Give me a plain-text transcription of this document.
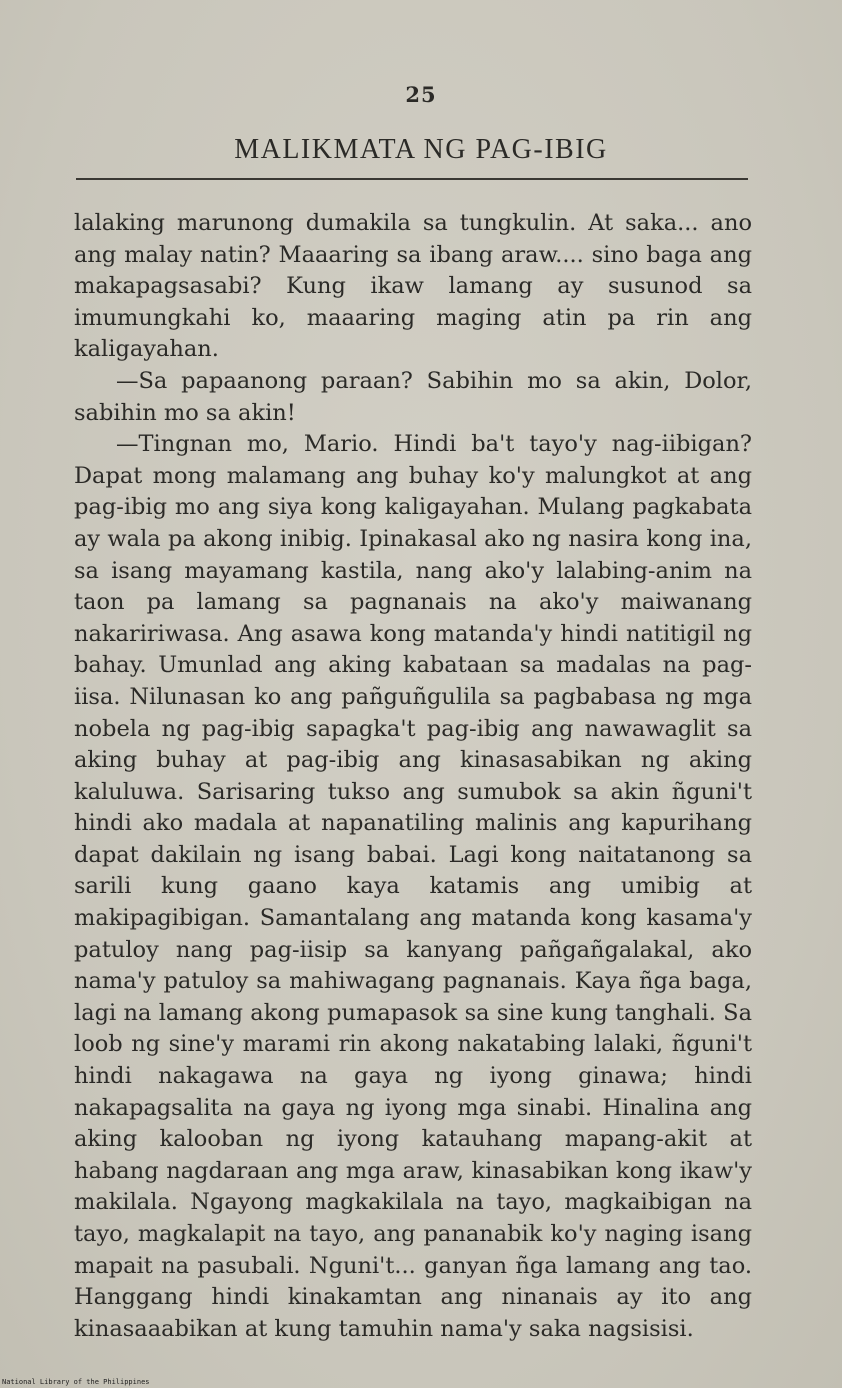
25
MALIKMATA NG PAG-IBIG

lalaking marunong dumakila sa tungkulin. At saka... ano ang malay natin? Maaaring sa ibang araw.... sino baga ang makapagsasabi? Kung ikaw lamang ay susunod sa imumungkahi ko, maaaring maging atin pa rin ang kaligayahan.

—Sa papaanong paraan? Sabihin mo sa akin, Dolor, sabihin mo sa akin!

—Tingnan mo, Mario. Hindi ba't tayo'y nag-iibigan? Dapat mong malamang ang buhay ko'y malungkot at ang pag-ibig mo ang siya kong kaligayahan. Mulang pagkabata ay wala pa akong inibig. Ipinakasal ako ng nasira kong ina, sa isang mayamang kastila, nang ako'y lalabing-anim na taon pa lamang sa pagnanais na ako'y maiwanang nakaririwasa. Ang asawa kong matanda'y hindi natitigil ng bahay. Umunlad ang aking kabataan sa madalas na pag-iisa. Nilunasan ko ang pañguñgulila sa pagbabasa ng mga nobela ng pag-ibig sapagka't pag-ibig ang nawawaglit sa aking buhay at pag-ibig ang kinasasabikan ng aking kaluluwa. Sarisaring tukso ang sumubok sa akin ñguni't hindi ako madala at napanatiling malinis ang kapurihang dapat dakilain ng isang babai. Lagi kong naitatanong sa sarili kung gaano kaya katamis ang umibig at makipagibigan. Samantalang ang matanda kong kasama'y patuloy nang pag-iisip sa kanyang pañgañgalakal, ako nama'y patuloy sa mahiwagang pagnanais. Kaya ñga baga, lagi na lamang akong pumapasok sa sine kung tanghali. Sa loob ng sine'y marami rin akong nakatabing lalaki, ñguni't hindi nakagawa na gaya ng iyong ginawa; hindi nakapagsalita na gaya ng iyong mga sinabi. Hinalina ang aking kalooban ng iyong katauhang mapang-akit at habang nagdaraan ang mga araw, kinasabikan kong ikaw'y makilala. Ngayong magkakilala na tayo, magkaibigan na tayo, magkalapit na tayo, ang pananabik ko'y naging isang mapait na pasubali. Nguni't... ganyan ñga lamang ang tao. Hanggang hindi kinakamtan ang ninanais ay ito ang kinasaaabikan at kung tamuhin nama'y saka nagsisisi.

National Library of the Philippines
